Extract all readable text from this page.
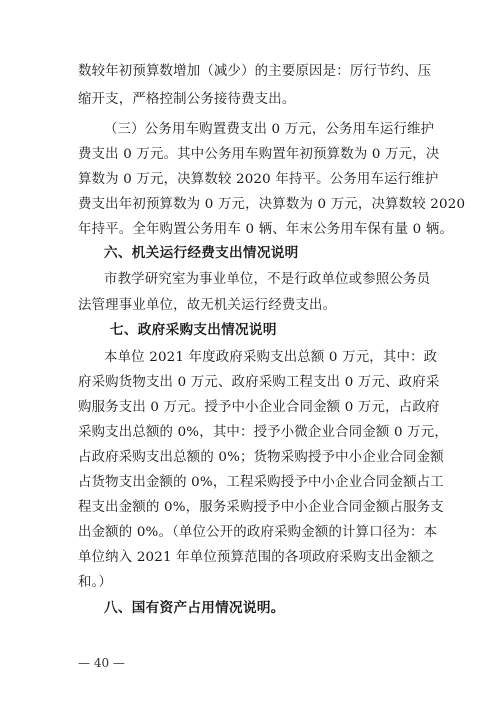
数较年初预算数增加（减少）的主要原因是：厉行节约、压
缩开支，严格控制公务接待费支出。
（三）公务用车购置费支出 0 万元，公务用车运行维护
费支出 0 万元。其中公务用车购置年初预算数为 0 万元，决
算数为 0 万元，决算数较 2020 年持平。公务用车运行维护
费支出年初预算数为 0 万元，决算数为 0 万元，决算数较 2020
年持平。全年购置公务用车 0 辆、年末公务用车保有量 0 辆。
六、机关运行经费支出情况说明
市教学研究室为事业单位，不是行政单位或参照公务员
法管理事业单位，故无机关运行经费支出。
七、政府采购支出情况说明
本单位 2021 年度政府采购支出总额 0 万元，其中：政
府采购货物支出 0 万元、政府采购工程支出 0 万元、政府采
购服务支出 0 万元。授予中小企业合同金额 0 万元，占政府
采购支出总额的 0%，其中：授予小微企业合同金额 0 万元，
占政府采购支出总额的 0%；货物采购授予中小企业合同金额
占货物支出金额的 0%，工程采购授予中小企业合同金额占工
程支出金额的 0%，服务采购授予中小企业合同金额占服务支
出金额的 0%。（单位公开的政府采购金额的计算口径为：本
单位纳入 2021 年单位预算范围的各项政府采购支出金额之
和。）
八、国有资产占用情况说明。
— 40 —
